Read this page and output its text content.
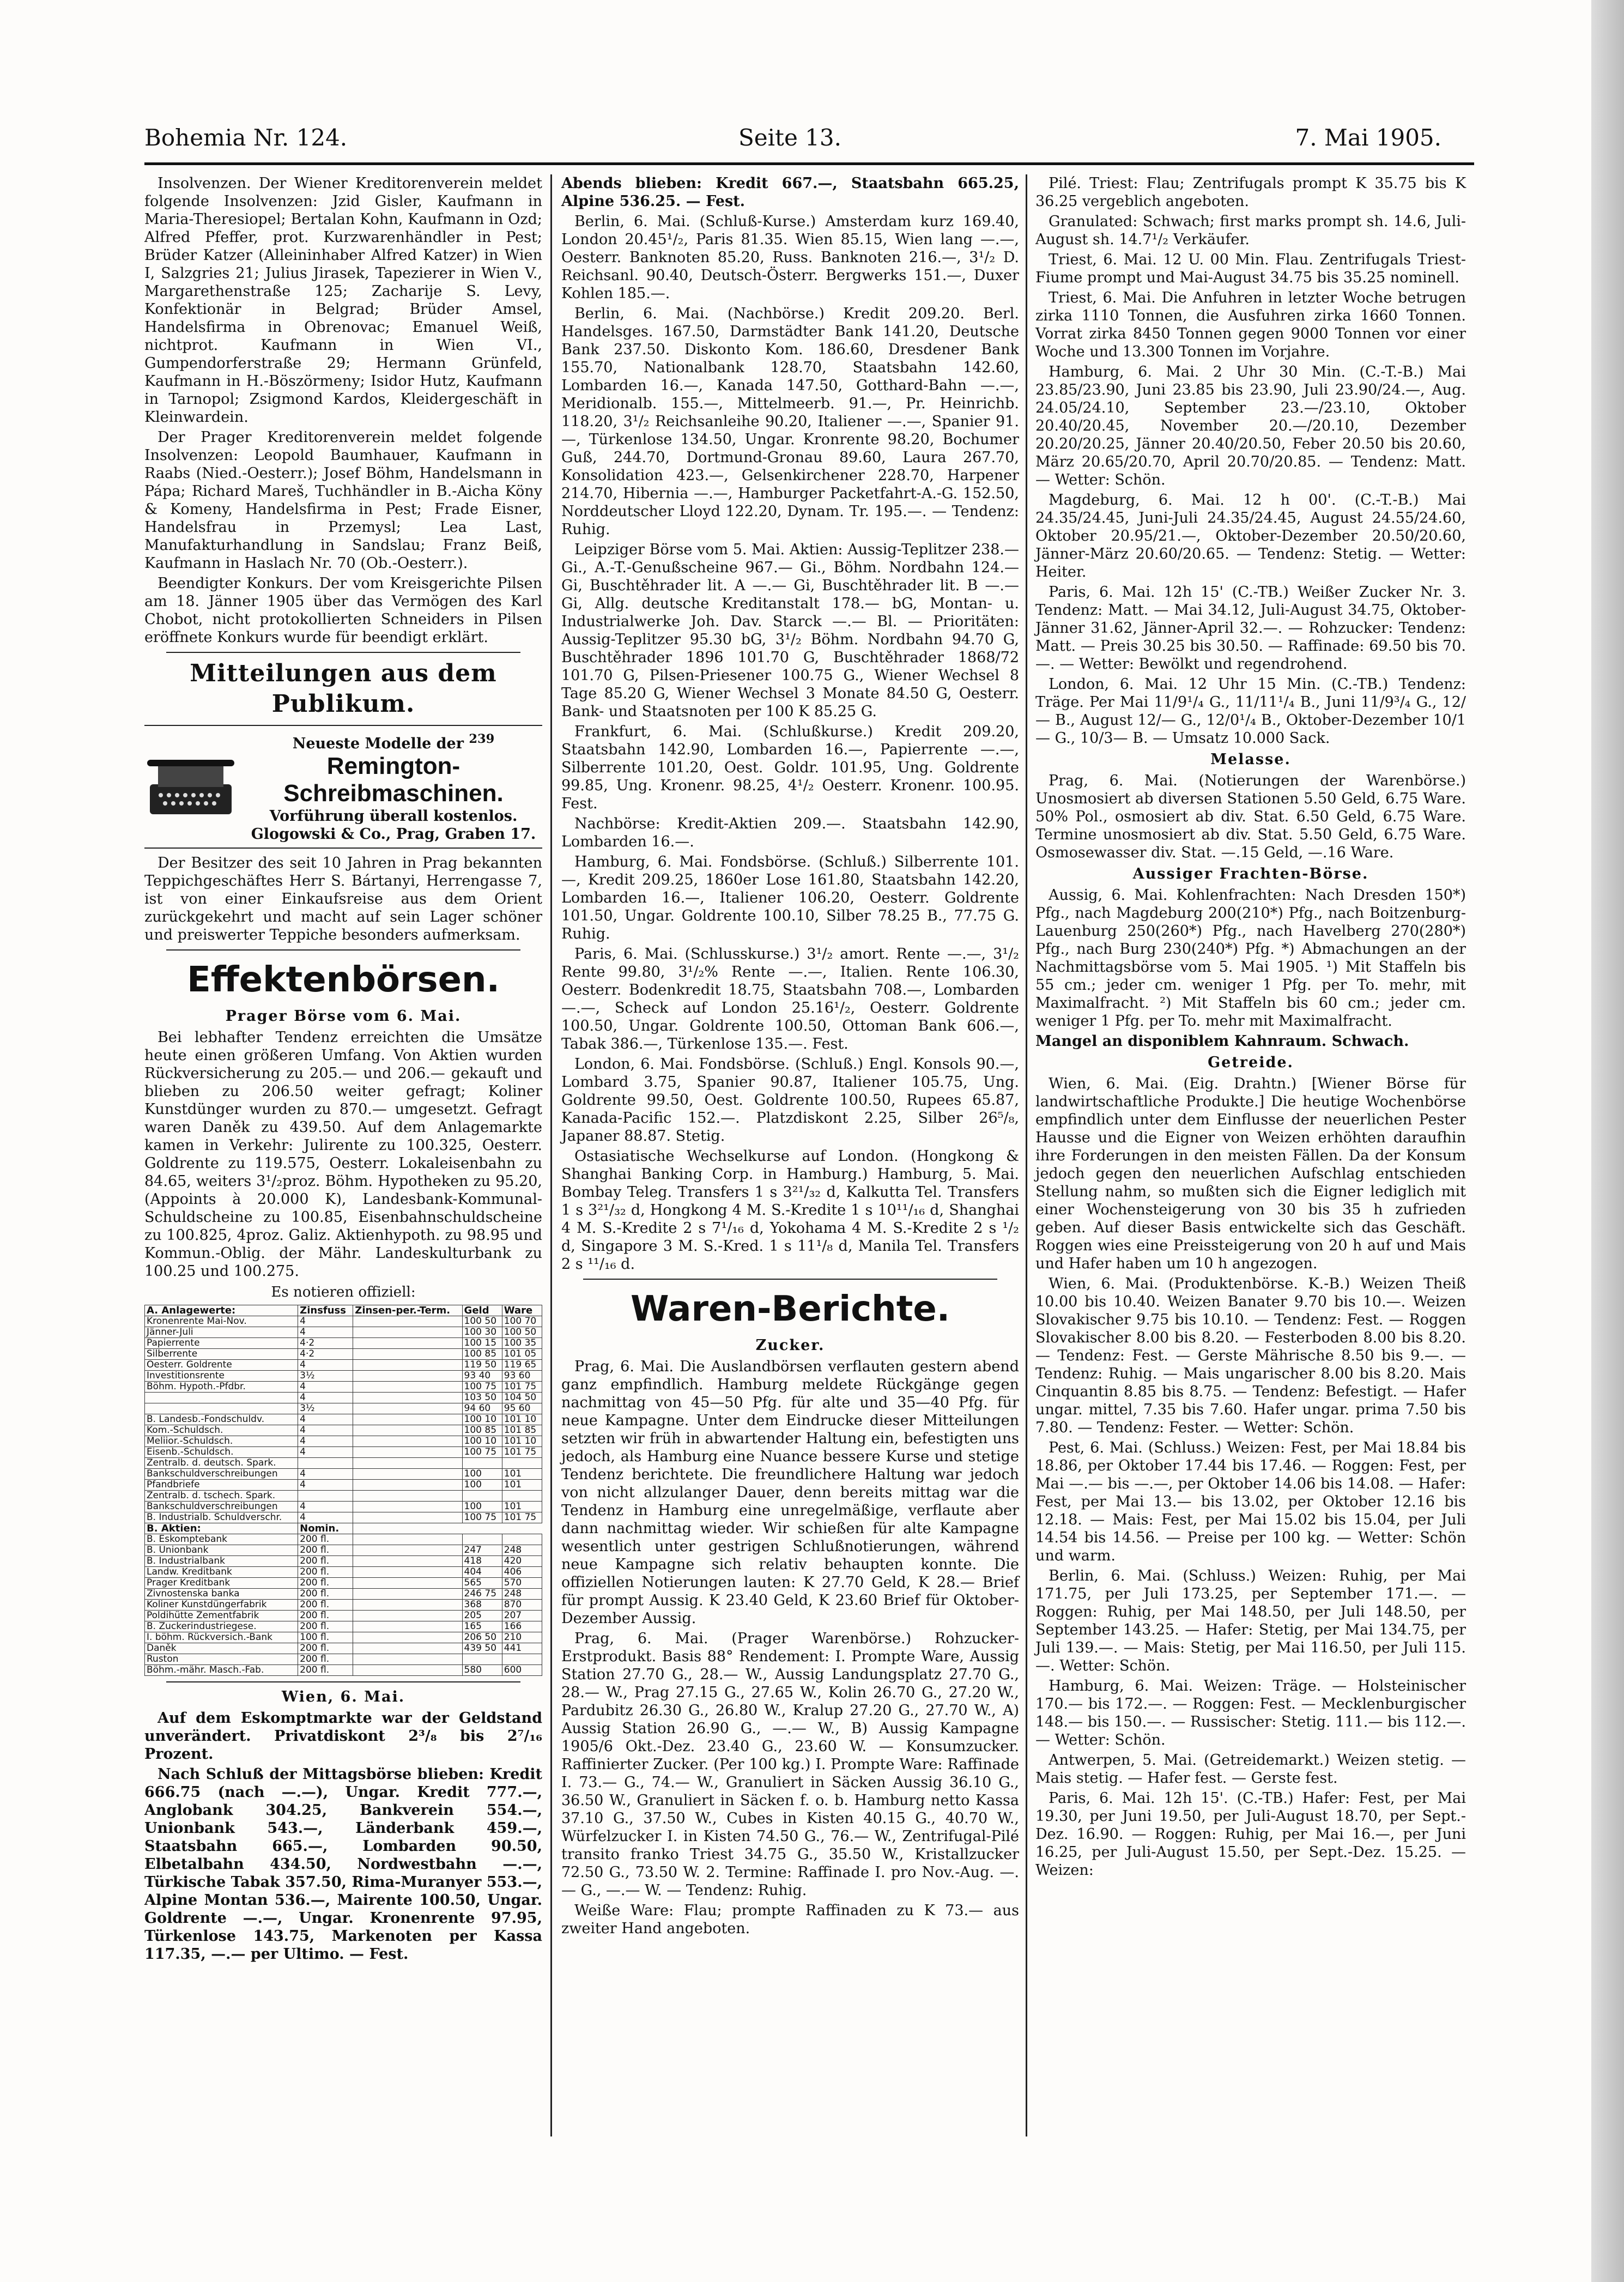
Bohemia Nr. 124.	Seite 13.	7. Mai 1905.

Insolvenzen. Der Wiener Kreditorenverein meldet folgende Insolvenzen: Jzid Gisler, Kaufmann in Maria-Theresiopel; Bertalan Kohn, Kaufmann in Ozd; Alfred Pfeffer, prot. Kurzwarenhändler in Pest; Brüder Katzer (Alleininhaber Alfred Katzer) in Wien I, Salzgries 21; Julius Jirasek, Tapezierer in Wien V., Margarethenstraße 125; Zacharije S. Levy, Konfektionär in Belgrad; Brüder Amsel, Handelsfirma in Obrenovac; Emanuel Weiß, nichtprot. Kaufmann in Wien VI., Gumpendorferstraße 29; Hermann Grünfeld, Kaufmann in H.-Böszörmeny; Isidor Hutz, Kaufmann in Tarnopol; Zsigmond Kardos, Kleidergeschäft in Kleinwardein.

Der Prager Kreditorenverein meldet folgende Insolvenzen: Leopold Baumhauer, Kaufmann in Raabs (Nied.-Oesterr.); Josef Böhm, Handelsmann in Pápa; Richard Mareš, Tuchhändler in B.-Aicha Köny & Komeny, Handelsfirma in Pest; Frade Eisner, Handelsfrau in Przemysl; Lea Last, Manufakturhandlung in Sandslau; Franz Beiß, Kaufmann in Haslach Nr. 70 (Ob.-Oesterr.).

Beendigter Konkurs. Der vom Kreisgerichte Pilsen am 18. Jänner 1905 über das Vermögen des Karl Chobot, nicht protokollierten Schneiders in Pilsen eröffnete Konkurs wurde für beendigt erklärt.

Mitteilungen aus dem Publikum.
Neueste Modelle der $^{239}$
Remington-Schreibmaschinen.
Vorführung überall kostenlos.
Glogowski & Co., Prag, Graben 17.

Der Besitzer des seit 10 Jahren in Prag bekannten Teppichgeschäftes Herr S. Bártanyi, Herrengasse 7, ist von einer Einkaufsreise aus dem Orient zurückgekehrt und macht auf sein Lager schöner und preiswerter Teppiche besonders aufmerksam.

Effektenbörsen.

Prager Börse vom 6. Mai.

Bei lebhafter Tendenz erreichten die Umsätze heute einen größeren Umfang. Von Aktien wurden Rückversicherung zu 205.— und 206.— gekauft und blieben zu 206.50 weiter gefragt; Koliner Kunstdünger wurden zu 870.— umgesetzt. Gefragt waren Daněk zu 439.50. Auf dem Anlagemarkte kamen in Verkehr: Julirente zu 100.325, Oesterr. Goldrente zu 119.575, Oesterr. Lokaleisenbahn zu 84.65, weiters 3¹/₂proz. Böhm. Hypotheken zu 95.20, (Appoints à 20.000 K), Landesbank-Kommunal-Schuldscheine zu 100.85, Eisenbahnschuldscheine zu 100.825, 4proz. Galiz. Aktienhypoth. zu 98.95 und Kommun.-Oblig. der Mähr. Landeskulturbank zu 100.25 und 100.275.

Es notieren offiziell:

A. Anlagewerte:	Zinsfuss	Zinsen-per.-Term.	Geld	Ware
Kronenrente Mai-Nov.	4		100 50	100 70
Jänner-Juli	4		100 30	100 50
Papierrente	4·2		100 15	100 35
Silberrente	4·2		100 85	101 05
Oesterr. Goldrente	4		119 50	119 65
Investitionsrente	3½		93 40	93 60
Böhm. Hypoth.-Pfdbr.	4		100 75	101 75
	4		103 50	104 50
	3½		94 60	95 60
B. Landesb.-Fondschuldv.	4		100 10	101 10
Kom.-Schuldsch.	4		100 85	101 85
Meliior.-Schuldsch.	4		100 10	101 10
Eisenb.-Schuldsch.	4		100 75	101 75
Zentralb. d. deutsch. Spark.				
Bankschuldverschreibungen	4		100	101
Pfandbriefe	4		100	101
Zentralb. d. tschech. Spark.				
Bankschuldverschreibungen	4		100	101
B. Industrialb. Schuldverschr.	4		100 75	101 75
B. Aktien:	Nomin.			
B. Eskomptebank	200 fl.			
B. Unionbank	200 fl.		247	248
B. Industrialbank	200 fl.		418	420
Landw. Kreditbank	200 fl.		404	406
Prager Kreditbank	200 fl.		565	570
Zivnostenska banka	200 fl.		246 75	248
Koliner Kunstdüngerfabrik	200 fl.		368	870
Poldihütte Zementfabrik	200 fl.		205	207
B. Zuckerindustriegese.	200 fl.		165	166
I. böhm. Rückversich.-Bank	100 fl.		206 50	210
Daněk	200 fl.		439 50	441
Ruston	200 fl.			
Böhm.-mähr. Masch.-Fab.	200 fl.		580	600

Wien, 6. Mai.

Auf dem Eskomptmarkte war der Geldstand unverändert. Privatdiskont 2³/₈ bis 2⁷/₁₆ Prozent.

Nach Schluß der Mittagsbörse blieben: Kredit 666.75 (nach —.—), Ungar. Kredit 777.—, Anglobank 304.25, Bankverein 554.—, Unionbank 543.—, Länderbank 459.—, Staatsbahn 665.—, Lombarden 90.50, Elbetalbahn 434.50, Nordwestbahn —.—, Türkische Tabak 357.50, Rima-Muranyer 553.—, Alpine Montan 536.—, Mairente 100.50, Ungar. Goldrente —.—, Ungar. Kronenrente 97.95, Türkenlose 143.75, Markenoten per Kassa 117.35, —.— per Ultimo. — Fest.

Abends blieben: Kredit 667.—, Staatsbahn 665.25, Alpine 536.25. — Fest.

Berlin, 6. Mai. (Schluß-Kurse.) Amsterdam kurz 169.40, London 20.45¹/₂, Paris 81.35. Wien 85.15, Wien lang —.—, Oesterr. Banknoten 85.20, Russ. Banknoten 216.—, 3¹/₂ D. Reichsanl. 90.40, Deutsch-Österr. Bergwerks 151.—, Duxer Kohlen 185.—.

Berlin, 6. Mai. (Nachbörse.) Kredit 209.20. Berl. Handelsges. 167.50, Darmstädter Bank 141.20, Deutsche Bank 237.50. Diskonto Kom. 186.60, Dresdener Bank 155.70, Nationalbank 128.70, Staatsbahn 142.60, Lombarden 16.—, Kanada 147.50, Gotthard-Bahn —.—, Meridionalb. 155.—, Mittelmeerb. 91.—, Pr. Heinrichb. 118.20, 3¹/₂ Reichsanleihe 90.20, Italiener —.—, Spanier 91.—, Türkenlose 134.50, Ungar. Kronrente 98.20, Bochumer Guß, 244.70, Dortmund-Gronau 89.60, Laura 267.70, Konsolidation 423.—, Gelsenkirchener 228.70, Harpener 214.70, Hibernia —.—, Hamburger Packetfahrt-A.-G. 152.50, Norddeutscher Lloyd 122.20, Dynam. Tr. 195.—. — Tendenz: Ruhig.

Leipziger Börse vom 5. Mai. Aktien: Aussig-Teplitzer 238.— Gi., A.-T.-Genußscheine 967.— Gi., Böhm. Nordbahn 124.— Gi, Buschtěhrader lit. A —.— Gi, Buschtěhrader lit. B —.— Gi, Allg. deutsche Kreditanstalt 178.— bG, Montan- u. Industrialwerke Joh. Dav. Starck —.— Bl. — Prioritäten: Aussig-Teplitzer 95.30 bG, 3¹/₂ Böhm. Nordbahn 94.70 G, Buschtěhrader 1896 101.70 G, Buschtěhrader 1868/72 101.70 G, Pilsen-Priesener 100.75 G., Wiener Wechsel 8 Tage 85.20 G, Wiener Wechsel 3 Monate 84.50 G, Oesterr. Bank- und Staatsnoten per 100 K 85.25 G.

Frankfurt, 6. Mai. (Schlußkurse.) Kredit 209.20, Staatsbahn 142.90, Lombarden 16.—, Papierrente —.—, Silberrente 101.20, Oest. Goldr. 101.95, Ung. Goldrente 99.85, Ung. Kronenr. 98.25, 4¹/₂ Oesterr. Kronenr. 100.95. Fest.

Nachbörse: Kredit-Aktien 209.—. Staatsbahn 142.90, Lombarden 16.—.

Hamburg, 6. Mai. Fondsbörse. (Schluß.) Silberrente 101.—, Kredit 209.25, 1860er Lose 161.80, Staatsbahn 142.20, Lombarden 16.—, Italiener 106.20, Oesterr. Goldrente 101.50, Ungar. Goldrente 100.10, Silber 78.25 B., 77.75 G. Ruhig.

Paris, 6. Mai. (Schlusskurse.) 3¹/₂ amort. Rente —.—, 3¹/₂ Rente 99.80, 3¹/₂% Rente —.—, Italien. Rente 106.30, Oesterr. Bodenkredit 18.75, Staatsbahn 708.—, Lombarden —.—, Scheck auf London 25.16¹/₂, Oesterr. Goldrente 100.50, Ungar. Goldrente 100.50, Ottoman Bank 606.—, Tabak 386.—, Türkenlose 135.—. Fest.

London, 6. Mai. Fondsbörse. (Schluß.) Engl. Konsols 90.—, Lombard 3.75, Spanier 90.87, Italiener 105.75, Ung. Goldrente 99.50, Oest. Goldrente 100.50, Rupees 65.87, Kanada-Pacific 152.—. Platzdiskont 2.25, Silber 26⁵/₈, Japaner 88.87. Stetig.

Ostasiatische Wechselkurse auf London. (Hongkong & Shanghai Banking Corp. in Hamburg.) Hamburg, 5. Mai. Bombay Teleg. Transfers 1 s 3²¹/₃₂ d, Kalkutta Tel. Transfers 1 s 3²¹/₃₂ d, Hongkong 4 M. S.-Kredite 1 s 10¹¹/₁₆ d, Shanghai 4 M. S.-Kredite 2 s 7¹/₁₆ d, Yokohama 4 M. S.-Kredite 2 s ¹/₂ d, Singapore 3 M. S.-Kred. 1 s 11¹/₈ d, Manila Tel. Transfers 2 s ¹¹/₁₆ d.

Waren-Berichte.

Zucker.

Prag, 6. Mai. Die Auslandbörsen verflauten gestern abend ganz empfindlich. Hamburg meldete Rückgänge gegen nachmittag von 45—50 Pfg. für alte und 35—40 Pfg. für neue Kampagne. Unter dem Eindrucke dieser Mitteilungen setzten wir früh in abwartender Haltung ein, befestigten uns jedoch, als Hamburg eine Nuance bessere Kurse und stetige Tendenz berichtete. Die freundlichere Haltung war jedoch von nicht allzulanger Dauer, denn bereits mittag war die Tendenz in Hamburg eine unregelmäßige, verflaute aber dann nachmittag wieder. Wir schießen für alte Kampagne wesentlich unter gestrigen Schlußnotierungen, während neue Kampagne sich relativ behaupten konnte. Die offiziellen Notierungen lauten: K 27.70 Geld, K 28.— Brief für prompt Aussig. K 23.40 Geld, K 23.60 Brief für Oktober-Dezember Aussig.

Prag, 6. Mai. (Prager Warenbörse.) Rohzucker-Erstprodukt. Basis 88° Rendement: I. Prompte Ware, Aussig Station 27.70 G., 28.— W., Aussig Landungsplatz 27.70 G., 28.— W., Prag 27.15 G., 27.65 W., Kolin 26.70 G., 27.20 W., Pardubitz 26.30 G., 26.80 W., Kralup 27.20 G., 27.70 W., A) Aussig Station 26.90 G., —.— W., B) Aussig Kampagne 1905/6 Okt.-Dez. 23.40 G., 23.60 W. — Konsumzucker. Raffinierter Zucker. (Per 100 kg.) I. Prompte Ware: Raffinade I. 73.— G., 74.— W., Granuliert in Säcken Aussig 36.10 G., 36.50 W., Granuliert in Säcken f. o. b. Hamburg netto Kassa 37.10 G., 37.50 W., Cubes in Kisten 40.15 G., 40.70 W., Würfelzucker I. in Kisten 74.50 G., 76.— W., Zentrifugal-Pilé transito franko Triest 34.75 G., 35.50 W., Kristallzucker 72.50 G., 73.50 W. 2. Termine: Raffinade I. pro Nov.-Aug. —.— G., —.— W. — Tendenz: Ruhig.

Weiße Ware: Flau; prompte Raffinaden zu K 73.— aus zweiter Hand angeboten.

Pilé. Triest: Flau; Zentrifugals prompt K 35.75 bis K 36.25 vergeblich angeboten.

Granulated: Schwach; first marks prompt sh. 14.6, Juli-August sh. 14.7¹/₂ Verkäufer.

Triest, 6. Mai. 12 U. 00 Min. Flau. Zentrifugals Triest-Fiume prompt und Mai-August 34.75 bis 35.25 nominell.

Triest, 6. Mai. Die Anfuhren in letzter Woche betrugen zirka 1110 Tonnen, die Ausfuhren zirka 1660 Tonnen. Vorrat zirka 8450 Tonnen gegen 9000 Tonnen vor einer Woche und 13.300 Tonnen im Vorjahre.

Hamburg, 6. Mai. 2 Uhr 30 Min. (C.-T.-B.) Mai 23.85/23.90, Juni 23.85 bis 23.90, Juli 23.90/24.—, Aug. 24.05/24.10, September 23.—/23.10, Oktober 20.40/20.45, November 20.—/20.10, Dezember 20.20/20.25, Jänner 20.40/20.50, Feber 20.50 bis 20.60, März 20.65/20.70, April 20.70/20.85. — Tendenz: Matt. — Wetter: Schön.

Magdeburg, 6. Mai. 12 h 00'. (C.-T.-B.) Mai 24.35/24.45, Juni-Juli 24.35/24.45, August 24.55/24.60, Oktober 20.95/21.—, Oktober-Dezember 20.50/20.60, Jänner-März 20.60/20.65. — Tendenz: Stetig. — Wetter: Heiter.

Paris, 6. Mai. 12h 15' (C.-TB.) Weißer Zucker Nr. 3. Tendenz: Matt. — Mai 34.12, Juli-August 34.75, Oktober-Jänner 31.62, Jänner-April 32.—. — Rohzucker: Tendenz: Matt. — Preis 30.25 bis 30.50. — Raffinade: 69.50 bis 70.—. — Wetter: Bewölkt und regendrohend.

London, 6. Mai. 12 Uhr 15 Min. (C.-TB.) Tendenz: Träge. Per Mai 11/9¹/₄ G., 11/11¹/₄ B., Juni 11/9³/₄ G., 12/— B., August 12/— G., 12/0¹/₄ B., Oktober-Dezember 10/1— G., 10/3— B. — Umsatz 10.000 Sack.

Melasse.

Prag, 6. Mai. (Notierungen der Warenbörse.) Unosmosiert ab diversen Stationen 5.50 Geld, 6.75 Ware. 50% Pol., osmosiert ab div. Stat. 6.50 Geld, 6.75 Ware. Termine unosmosiert ab div. Stat. 5.50 Geld, 6.75 Ware. Osmosewasser div. Stat. —.15 Geld, —.16 Ware.

Aussiger Frachten-Börse.

Aussig, 6. Mai. Kohlenfrachten: Nach Dresden 150*) Pfg., nach Magdeburg 200(210*) Pfg., nach Boitzenburg-Lauenburg 250(260*) Pfg., nach Havelberg 270(280*) Pfg., nach Burg 230(240*) Pfg. *) Abmachungen an der Nachmittagsbörse vom 5. Mai 1905. ¹) Mit Staffeln bis 55 cm.; jeder cm. weniger 1 Pfg. per To. mehr, mit Maximalfracht. ²) Mit Staffeln bis 60 cm.; jeder cm. weniger 1 Pfg. per To. mehr mit Maximalfracht.

Mangel an disponiblem Kahnraum. Schwach.

Getreide.

Wien, 6. Mai. (Eig. Drahtn.) [Wiener Börse für landwirtschaftliche Produkte.] Die heutige Wochenbörse empfindlich unter dem Einflusse der neuerlichen Pester Hausse und die Eigner von Weizen erhöhten daraufhin ihre Forderungen in den meisten Fällen. Da der Konsum jedoch gegen den neuerlichen Aufschlag entschieden Stellung nahm, so mußten sich die Eigner lediglich mit einer Wochensteigerung von 30 bis 35 h zufrieden geben. Auf dieser Basis entwickelte sich das Geschäft. Roggen wies eine Preissteigerung von 20 h auf und Mais und Hafer haben um 10 h angezogen.

Wien, 6. Mai. (Produktenbörse. K.-B.) Weizen Theiß 10.00 bis 10.40. Weizen Banater 9.70 bis 10.—. Weizen Slovakischer 9.75 bis 10.10. — Tendenz: Fest. — Roggen Slovakischer 8.00 bis 8.20. — Festerboden 8.00 bis 8.20. — Tendenz: Fest. — Gerste Mährische 8.50 bis 9.—. — Tendenz: Ruhig. — Mais ungarischer 8.00 bis 8.20. Mais Cinquantin 8.85 bis 8.75. — Tendenz: Befestigt. — Hafer ungar. mittel, 7.35 bis 7.60. Hafer ungar. prima 7.50 bis 7.80. — Tendenz: Fester. — Wetter: Schön.

Pest, 6. Mai. (Schluss.) Weizen: Fest, per Mai 18.84 bis 18.86, per Oktober 17.44 bis 17.46. — Roggen: Fest, per Mai —.— bis —.—, per Oktober 14.06 bis 14.08. — Hafer: Fest, per Mai 13.— bis 13.02, per Oktober 12.16 bis 12.18. — Mais: Fest, per Mai 15.02 bis 15.04, per Juli 14.54 bis 14.56. — Preise per 100 kg. — Wetter: Schön und warm.

Berlin, 6. Mai. (Schluss.) Weizen: Ruhig, per Mai 171.75, per Juli 173.25, per September 171.—. — Roggen: Ruhig, per Mai 148.50, per Juli 148.50, per September 143.25. — Hafer: Stetig, per Mai 134.75, per Juli 139.—. — Mais: Stetig, per Mai 116.50, per Juli 115.—. Wetter: Schön.

Hamburg, 6. Mai. Weizen: Träge. — Holsteinischer 170.— bis 172.—. — Roggen: Fest. — Mecklenburgischer 148.— bis 150.—. — Russischer: Stetig. 111.— bis 112.—. — Wetter: Schön.

Antwerpen, 5. Mai. (Getreidemarkt.) Weizen stetig. — Mais stetig. — Hafer fest. — Gerste fest.

Paris, 6. Mai. 12h 15'. (C.-TB.) Hafer: Fest, per Mai 19.30, per Juni 19.50, per Juli-August 18.70, per Sept.-Dez. 16.90. — Roggen: Ruhig, per Mai 16.—, per Juni 16.25, per Juli-August 15.50, per Sept.-Dez. 15.25. — Weizen:
